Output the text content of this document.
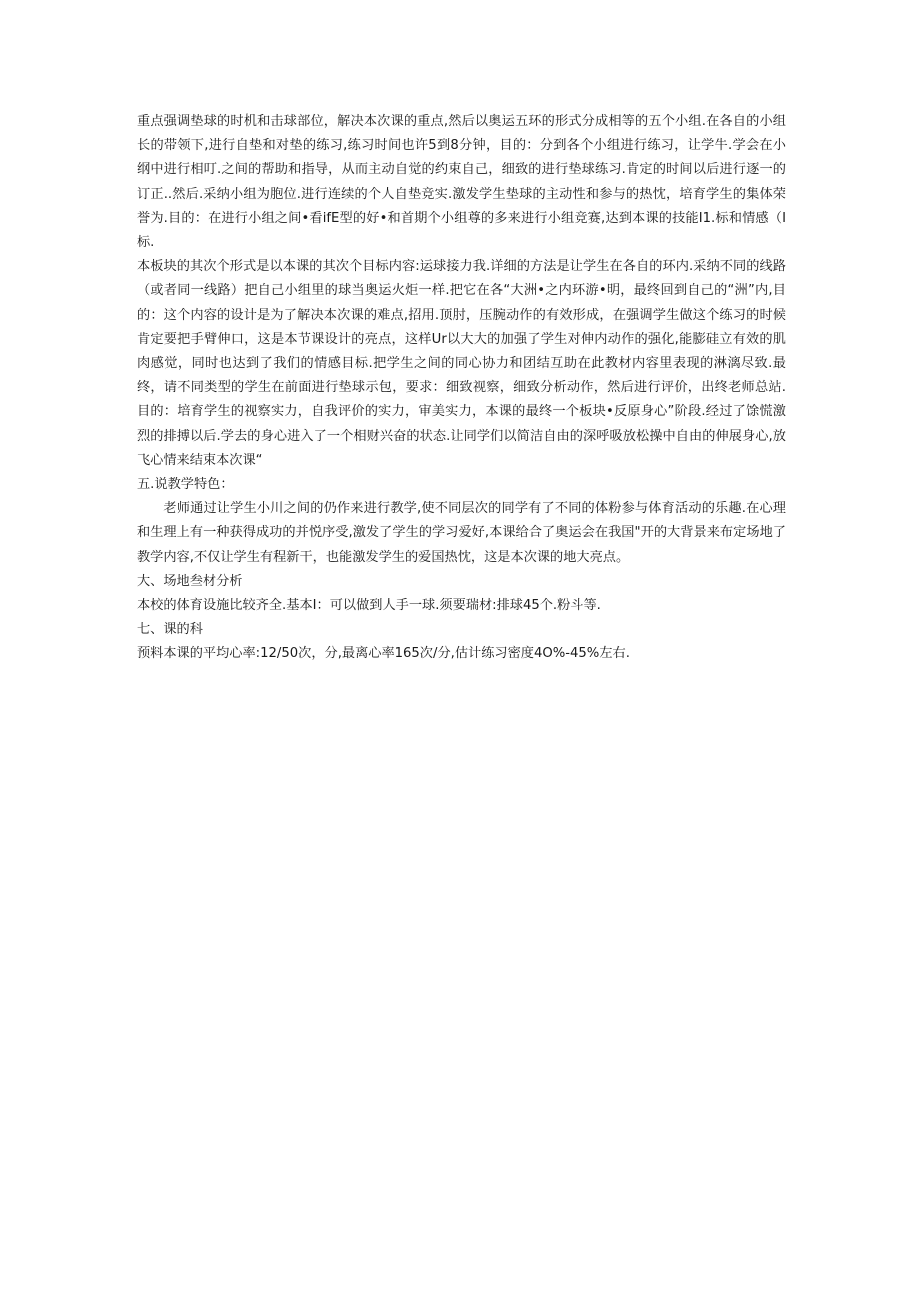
重点强调垫球的时机和击球部位，解决本次课的重点,然后以奥运五环的形式分成相等的五个小组.在各自的小组长的带领下,进行自垫和对垫的练习,练习时间也许5到8分钟，目的：分到各个小组进行练习，让学牛.学会在小纲中进行相叮.之间的帮助和指导，从而主动自觉的约束自己，细致的进行垫球练习.肯定的时间以后进行逐一的订正..然后.采纳小组为胞位.进行连续的个人自垫竞实.激发学生垫球的主动性和参与的热忱，培育学生的集体荣誉为.目的：在进行小组之间•看ifE型的好•和首期个小组尊的多来进行小组竞赛,达到本课的技能I1.标和情感（I标.

本板块的其次个形式是以本课的其次个目标内容:运球接力我.详细的方法是让学生在各自的环内.采纳不同的线路（或者同一线路）把自己小组里的球当奥运火炬一样.把它在各“大洲•之内环游•明，最终回到自己的“洲”内,目的：这个内容的设计是为了解决本次课的难点,招用.顶肘，压腕动作的有效形成，在强调学生做这个练习的时候肯定要把手臂伸口，这是本节课设计的亮点，这样Ur以大大的加强了学生对伸内动作的强化,能膨硅立有效的肌肉感觉，同时也达到了我们的情感目标.把学生之间的同心协力和团结互助在此教材内容里表现的淋漓尽致.最终，请不同类型的学生在前面进行垫球示包，要求：细致视察，细致分析动作，然后进行评价，出终老师总站.目的：培育学生的视察实力，自我评价的实力，审美实力，本课的最终一个板块•反原身心”阶段.经过了馀慌激烈的排搏以后.学去的身心进入了一个相财兴奋的状态.让同学们以简洁自由的深呼吸放松操中自由的伸展身心,放飞心情来结束本次课“

五.说教学特色：

老师通过让学生小川之间的仍作来进行教学,使不同层次的同学有了不同的体粉参与体育活动的乐趣.在心理和生理上有一种获得成功的并悦序受,激发了学生的学习爱好,本课给合了奥运会在我国"开的大背景来布定场地了教学内容,不仅让学生有程新干，也能激发学生的爱国热忱，这是本次课的地大亮点。

大、场地叁材分析

本校的体育设施比较齐全.基本I：可以做到人手一球.须要瑞材:排球45个.粉斗等.

七、课的科

预料本课的平均心率:12/50次，分,最离心率165次/分,估计练习密度4O%-45%左右.
